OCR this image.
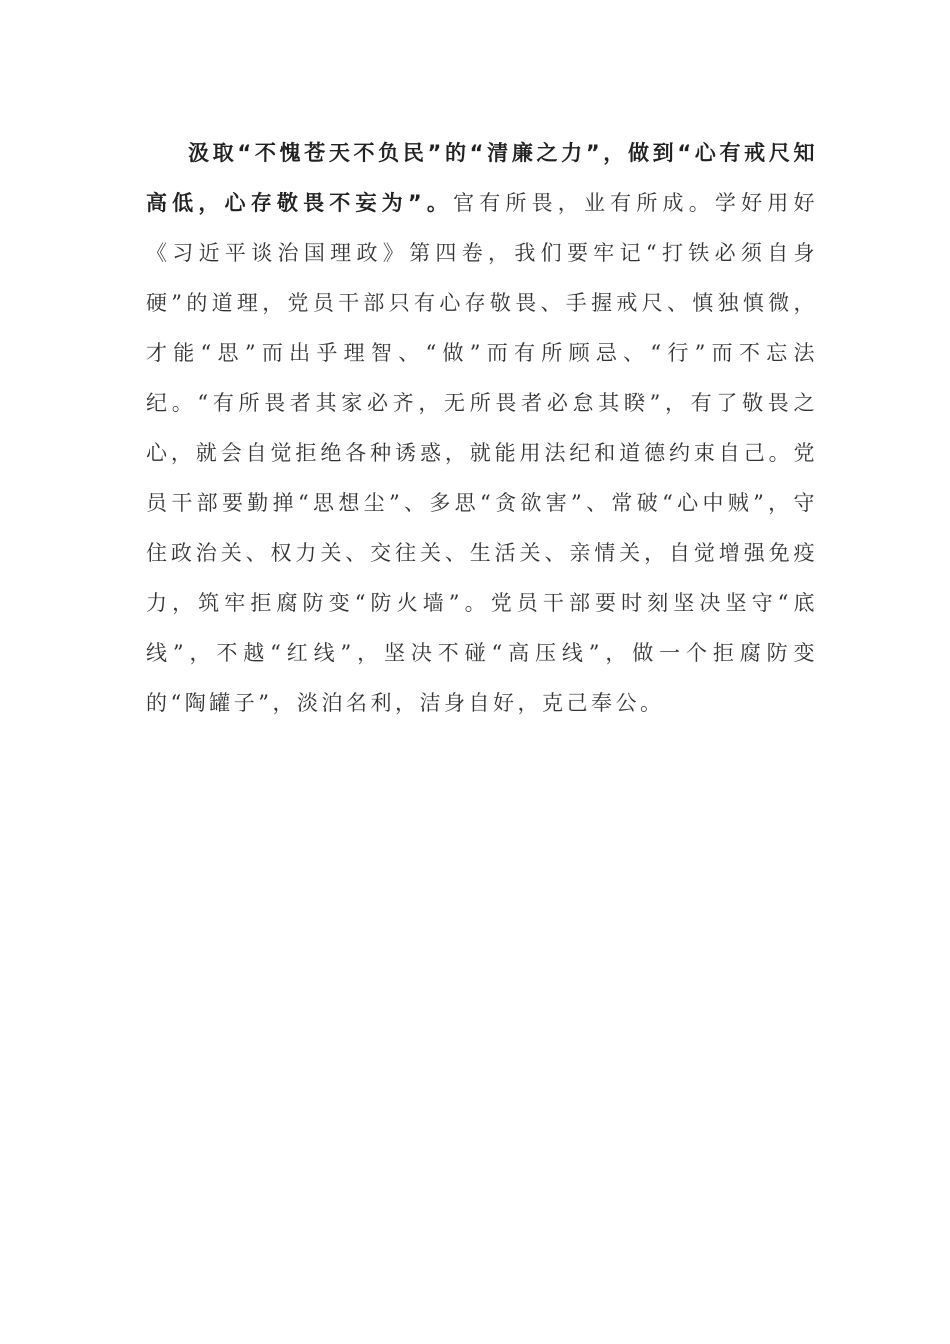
汲取“不愧苍天不负民”的“清廉之力”，做到“心有戒尺知高低，心存敬畏不妄为”。官有所畏，业有所成。学好用好《习近平谈治国理政》第四卷，我们要牢记“打铁必须自身硬”的道理，党员干部只有心存敬畏、手握戒尺、慎独慎微，才能“思”而出乎理智、“做”而有所顾忌、“行”而不忘法纪。“有所畏者其家必齐，无所畏者必怠其睽”，有了敬畏之心，就会自觉拒绝各种诱惑，就能用法纪和道德约束自己。党员干部要勤掸“思想尘”、多思“贪欲害”、常破“心中贼”，守住政治关、权力关、交往关、生活关、亲情关，自觉增强免疫力，筑牢拒腐防变“防火墙”。党员干部要时刻坚决坚守“底线”，不越“红线”，坚决不碰“高压线”，做一个拒腐防变的“陶罐子”，淡泊名利，洁身自好，克己奉公。
